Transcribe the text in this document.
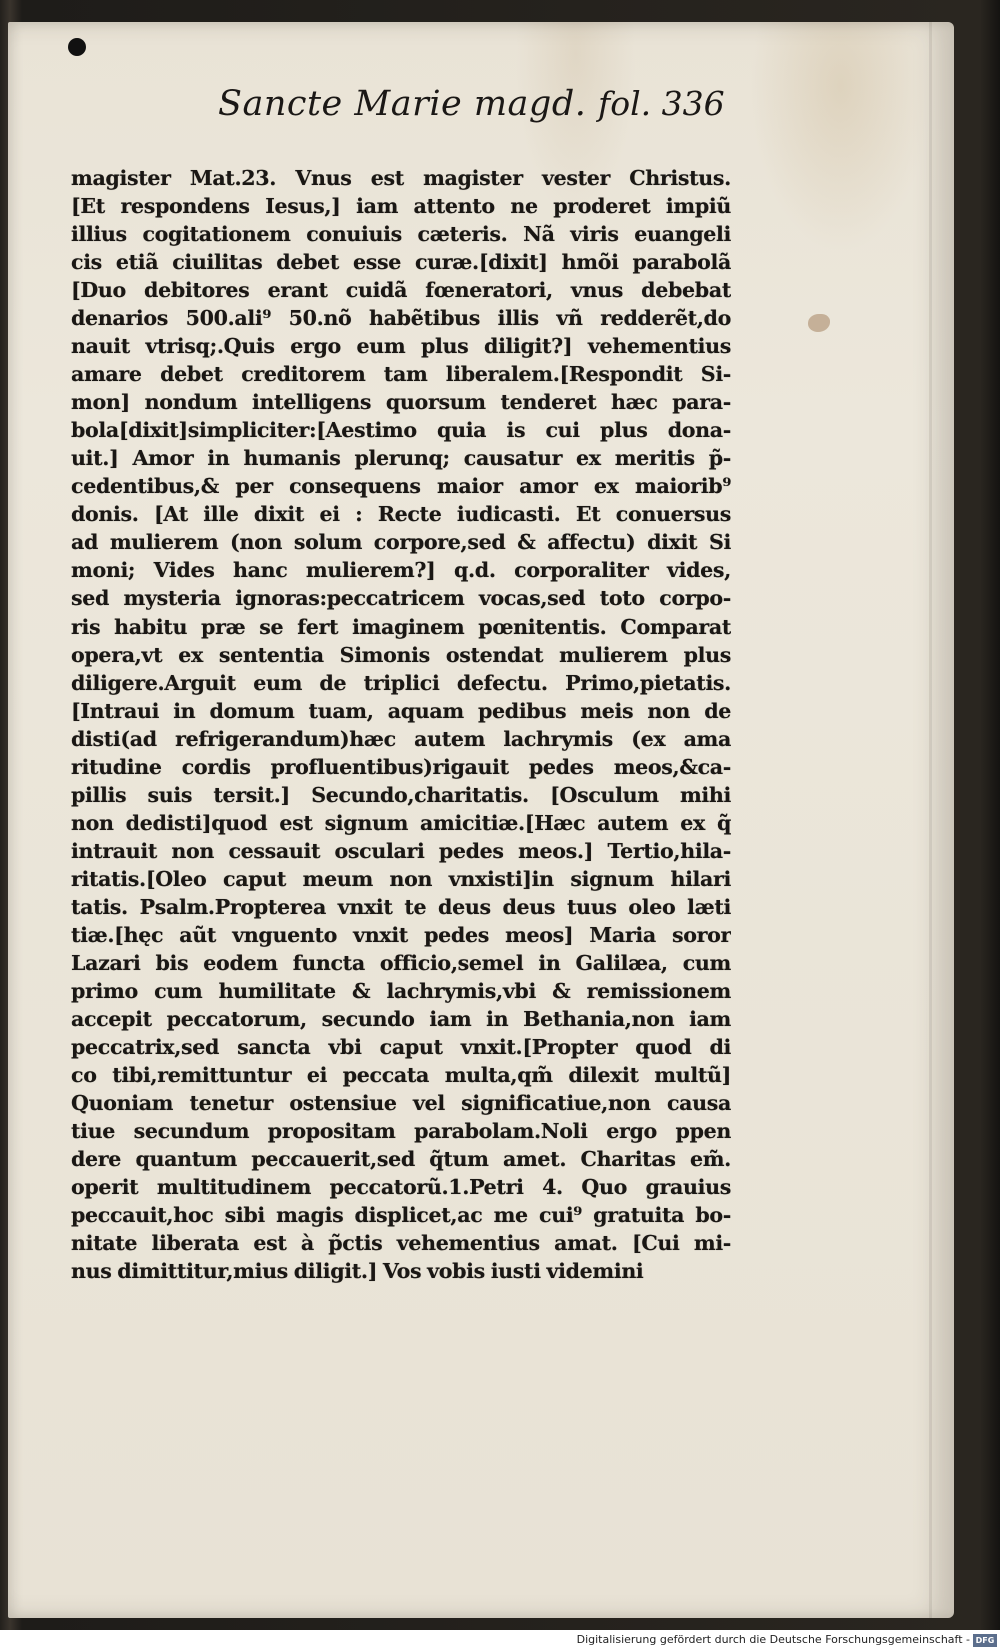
Sancte Marie magd. fol. 336
magister Mat.23. Vnus est magister vester Christus.
[Et respondens Iesus,] iam attento ne proderet impiũ
illius cogitationem conuiuis cæteris. Nã viris euangeli
cis etiã ciuilitas debet esse curæ.[dixit] hmõi parabolã
[Duo debitores erant cuidã fœneratori, vnus debebat
denarios 500.ali⁹ 50.nõ habẽtibus illis vñ redderẽt,do
nauit vtrisq;.Quis ergo eum plus diligit?] vehementius
amare debet creditorem tam liberalem.[Respondit Si-
mon] nondum intelligens quorsum tenderet hæc para-
bola[dixit]simpliciter:[Aestimo quia is cui plus dona-
uit.] Amor in humanis plerunq; causatur ex meritis p̃-
cedentibus,& per consequens maior amor ex maiorib⁹
donis. [At ille dixit ei : Recte iudicasti. Et conuersus
ad mulierem (non solum corpore,sed & affectu) dixit Si
moni; Vides hanc mulierem?] q.d. corporaliter vides,
sed mysteria ignoras:peccatricem vocas,sed toto corpo-
ris habitu præ se fert imaginem pœnitentis. Comparat
opera,vt ex sententia Simonis ostendat mulierem plus
diligere.Arguit eum de triplici defectu. Primo,pietatis.
[Intraui in domum tuam, aquam pedibus meis non de
disti(ad refrigerandum)hæc autem lachrymis (ex ama
ritudine cordis profluentibus)rigauit pedes meos,&ca-
pillis suis tersit.] Secundo,charitatis. [Osculum mihi
non dedisti]quod est signum amicitiæ.[Hæc autem ex q̃
intrauit non cessauit osculari pedes meos.] Tertio,hila-
ritatis.[Oleo caput meum non vnxisti]in signum hilari
tatis. Psalm.Propterea vnxit te deus deus tuus oleo læti
tiæ.[hęc aũt vnguento vnxit pedes meos] Maria soror
Lazari bis eodem functa officio,semel in Galilæa, cum
primo cum humilitate & lachrymis,vbi & remissionem
accepit peccatorum, secundo iam in Bethania,non iam
peccatrix,sed sancta vbi caput vnxit.[Propter quod di
co tibi,remittuntur ei peccata multa,qm̃ dilexit multũ]
Quoniam tenetur ostensiue vel significatiue,non causa
tiue secundum propositam parabolam.Noli ergo ppen
dere quantum peccauerit,sed q̃tum amet. Charitas em̃.
operit multitudinem peccatorũ.1.Petri 4. Quo grauius
peccauit,hoc sibi magis displicet,ac me cui⁹ gratuita bo-
nitate liberata est à p̃ctis vehementius amat. [Cui mi-
nus dimittitur,mius diligit.] Vos vobis iusti videmini
Digitalisierung gefördert durch die Deutsche Forschungsgemeinschaft - DFG
